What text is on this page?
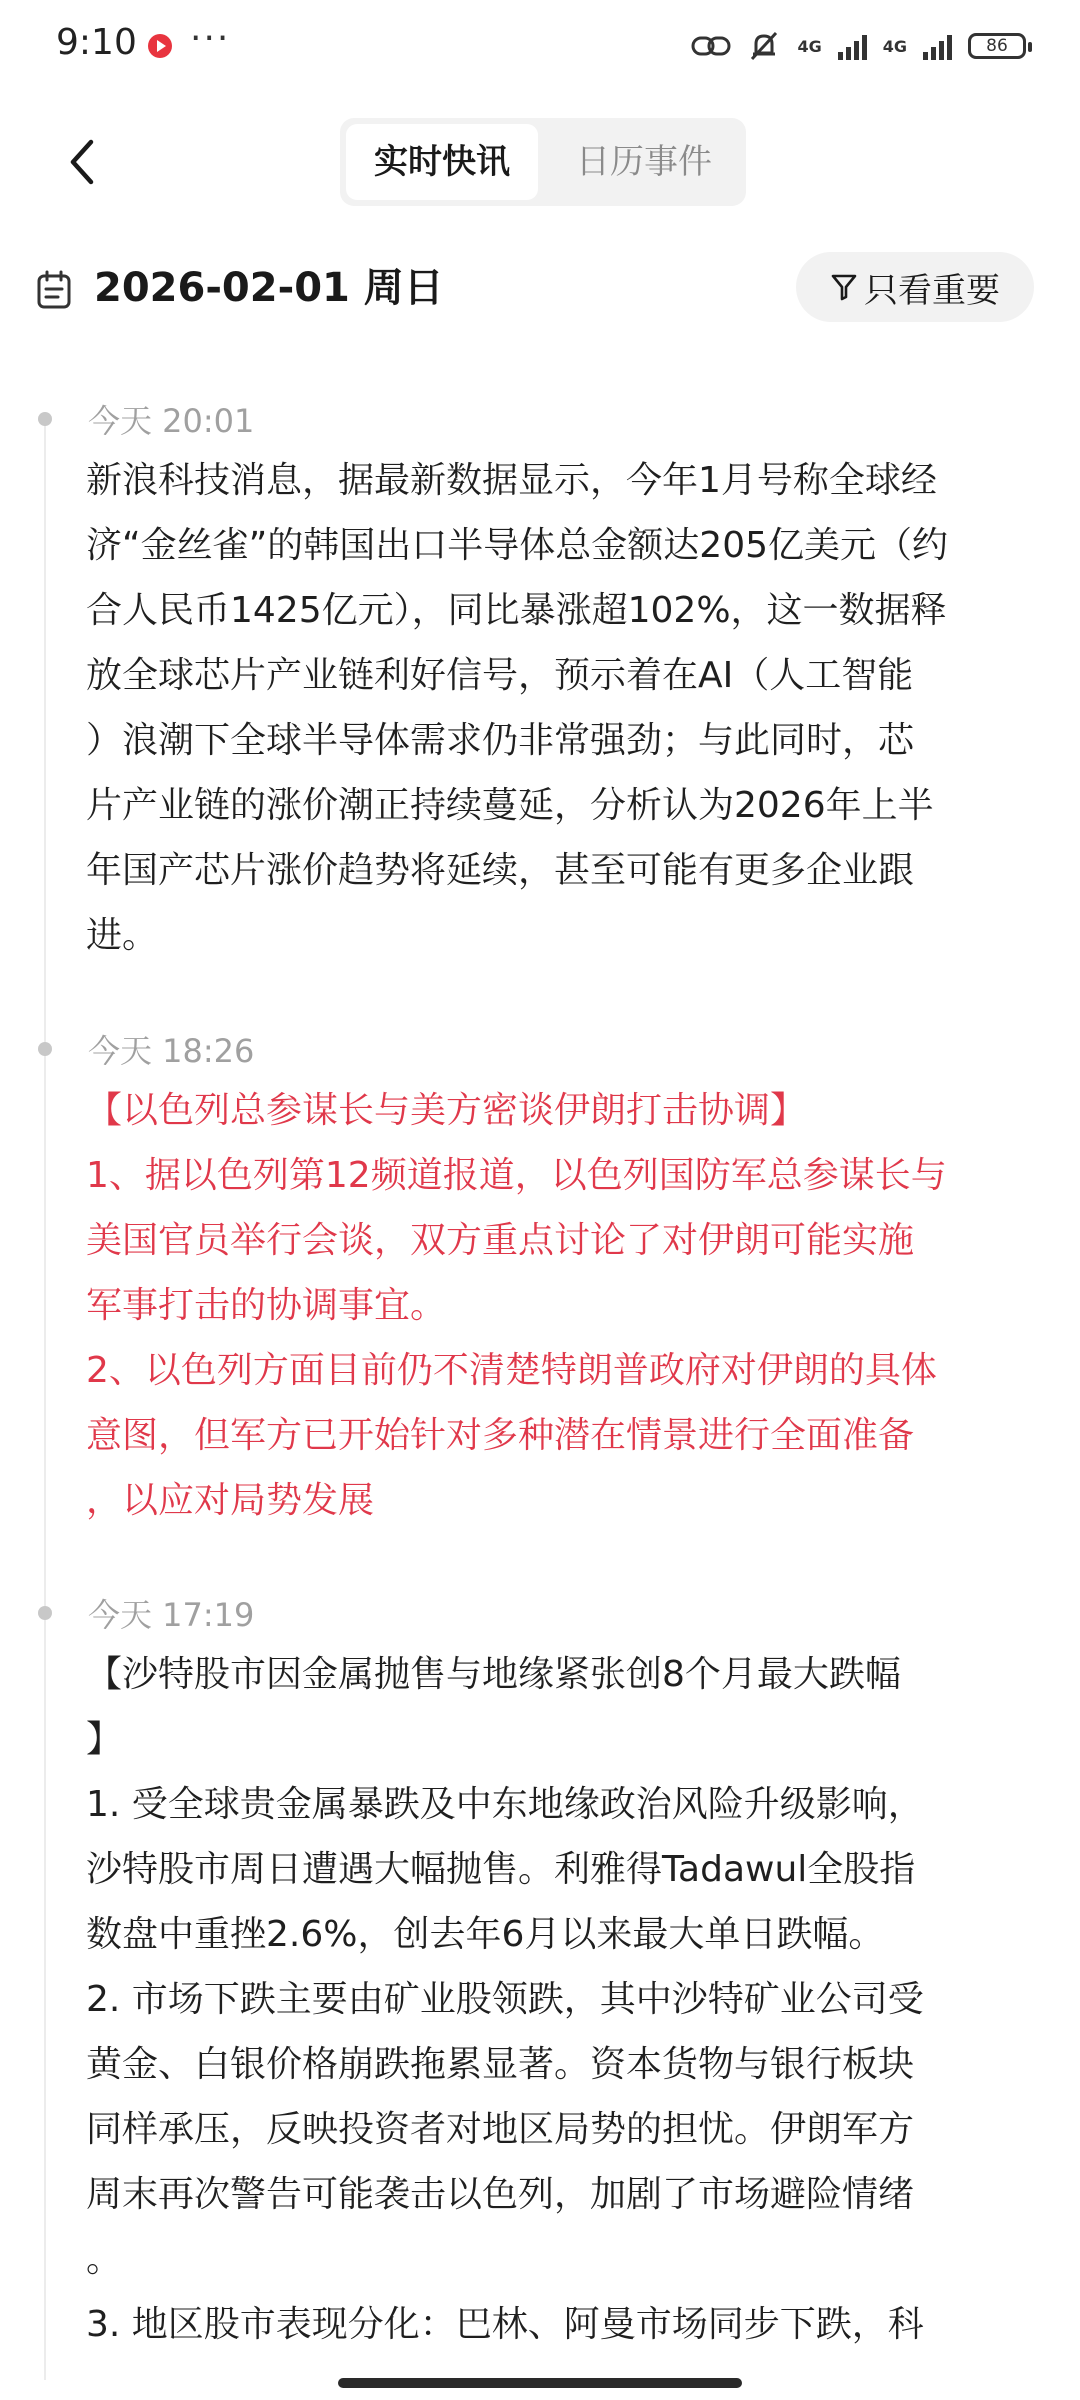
9:10 ···	4G	4G	86
实时快讯	日历事件
2026-02-01 周日	只看重要
今天 20:01
新浪科技消息，据最新数据显示，今年1月号称全球经
济“金丝雀”的韩国出口半导体总金额达205亿美元（约
合人民币1425亿元），同比暴涨超102%，这一数据释
放全球芯片产业链利好信号，预示着在AI（人工智能
）浪潮下全球半导体需求仍非常强劲；与此同时，芯
片产业链的涨价潮正持续蔓延，分析认为2026年上半
年国产芯片涨价趋势将延续，甚至可能有更多企业跟
进。
今天 18:26
【以色列总参谋长与美方密谈伊朗打击协调】
1、据以色列第12频道报道，以色列国防军总参谋长与
美国官员举行会谈，双方重点讨论了对伊朗可能实施
军事打击的协调事宜。
2、以色列方面目前仍不清楚特朗普政府对伊朗的具体
意图，但军方已开始针对多种潜在情景进行全面准备
，以应对局势发展
今天 17:19
【沙特股市因金属抛售与地缘紧张创8个月最大跌幅
】
1. 受全球贵金属暴跌及中东地缘政治风险升级影响，
沙特股市周日遭遇大幅抛售。利雅得Tadawul全股指
数盘中重挫2.6%，创去年6月以来最大单日跌幅。
2. 市场下跌主要由矿业股领跌，其中沙特矿业公司受
黄金、白银价格崩跌拖累显著。资本货物与银行板块
同样承压，反映投资者对地区局势的担忧。伊朗军方
周末再次警告可能袭击以色列，加剧了市场避险情绪
。
3. 地区股市表现分化：巴林、阿曼市场同步下跌，科
